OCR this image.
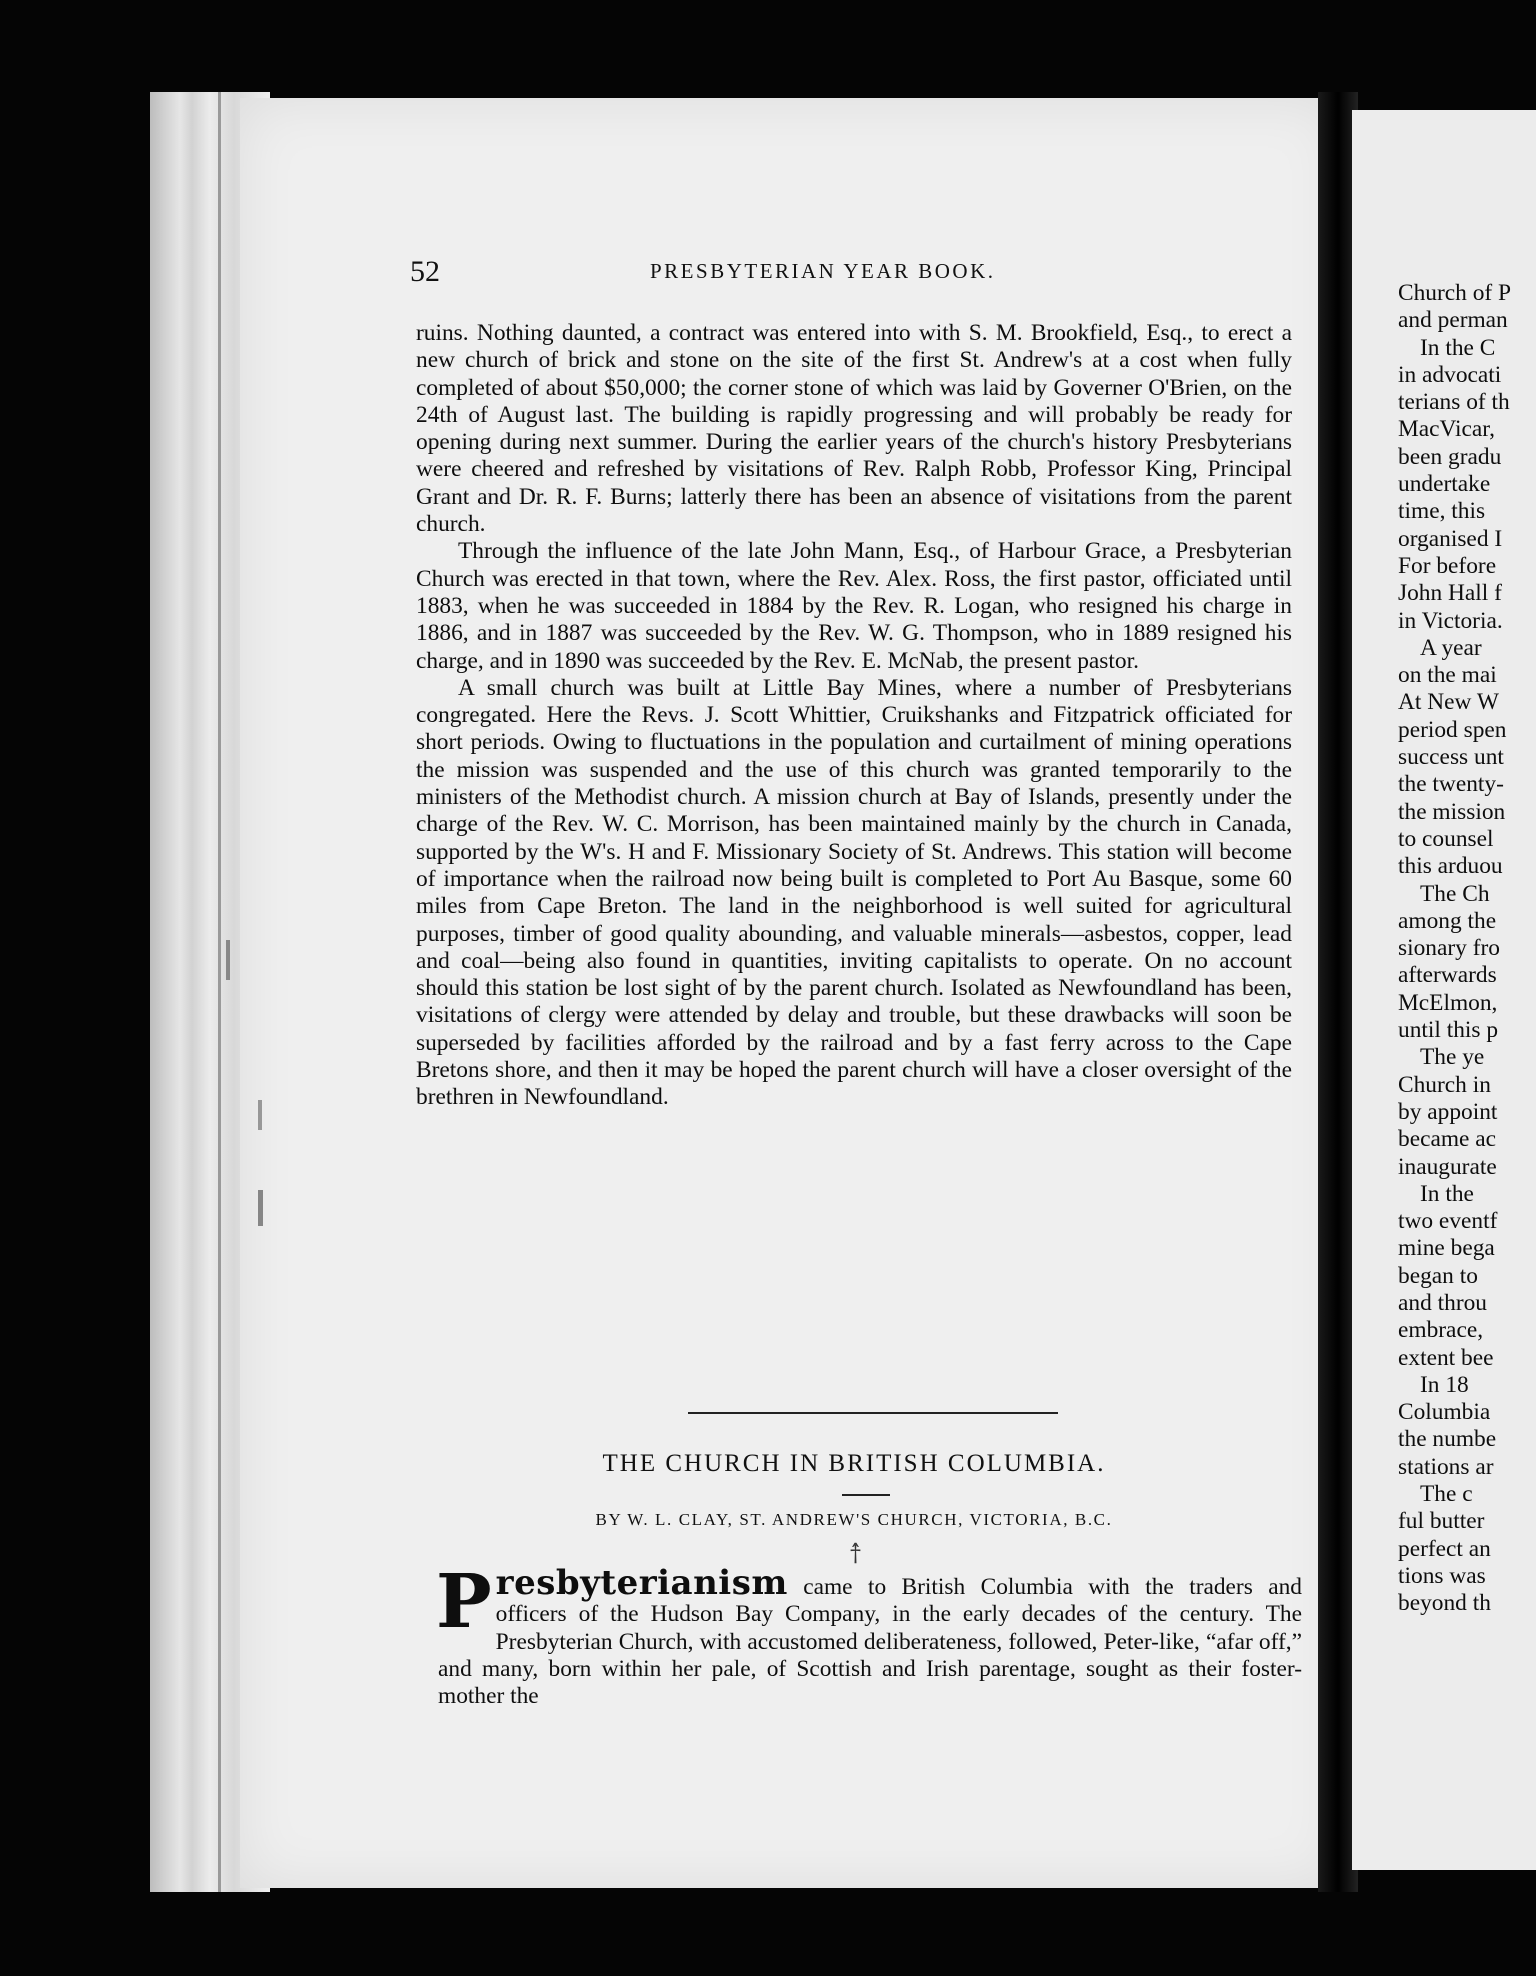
52	PRESBYTERIAN YEAR BOOK.

ruins. Nothing daunted, a contract was entered into with S. M. Brookfield, Esq., to erect a new church of brick and stone on the site of the first St. Andrew's at a cost when fully completed of about $50,000; the corner stone of which was laid by Governer O'Brien, on the 24th of August last. The building is rapidly progressing and will probably be ready for opening during next summer. During the earlier years of the church's history Presbyterians were cheered and refreshed by visitations of Rev. Ralph Robb, Professor King, Principal Grant and Dr. R. F. Burns; latterly there has been an absence of visitations from the parent church.

Through the influence of the late John Mann, Esq., of Harbour Grace, a Presbyterian Church was erected in that town, where the Rev. Alex. Ross, the first pastor, officiated until 1883, when he was succeeded in 1884 by the Rev. R. Logan, who resigned his charge in 1886, and in 1887 was succeeded by the Rev. W. G. Thompson, who in 1889 resigned his charge, and in 1890 was succeeded by the Rev. E. McNab, the present pastor.

A small church was built at Little Bay Mines, where a number of Presbyterians congregated. Here the Revs. J. Scott Whittier, Cruikshanks and Fitzpatrick officiated for short periods. Owing to fluctuations in the population and curtailment of mining operations the mission was suspended and the use of this church was granted temporarily to the ministers of the Methodist church. A mission church at Bay of Islands, presently under the charge of the Rev. W. C. Morrison, has been maintained mainly by the church in Canada, supported by the W's. H and F. Missionary Society of St. Andrews. This station will become of importance when the railroad now being built is completed to Port Au Basque, some 60 miles from Cape Breton. The land in the neighborhood is well suited for agricultural purposes, timber of good quality abounding, and valuable minerals—asbestos, copper, lead and coal—being also found in quantities, inviting capitalists to operate. On no account should this station be lost sight of by the parent church. Isolated as Newfoundland has been, visitations of clergy were attended by delay and trouble, but these drawbacks will soon be superseded by facilities afforded by the railroad and by a fast ferry across to the Cape Bretons shore, and then it may be hoped the parent church will have a closer oversight of the brethren in Newfoundland.

THE CHURCH IN BRITISH COLUMBIA.
BY W. L. CLAY, ST. ANDREW'S CHURCH, VICTORIA, B.C.
†̂
Presbyterianism came to British Columbia with the traders and officers of the Hudson Bay Company, in the early decades of the century. The Presbyterian Church, with accustomed deliberateness, followed, Peter-like, “afar off,” and many, born within her pale, of Scottish and Irish parentage, sought as their foster-mother the
Church of P
and perman
In the C
in advocati
terians of th
MacVicar,
been gradu
undertake
time, this
organised I
For before
John Hall f
in Victoria.
A year
on the mai
At New W
period spen
success unt
the twenty-
the mission
to counsel
this arduou
The Ch
among the
sionary fro
afterwards
McElmon,
until this p
The ye
Church in
by appoint
became ac
inaugurate
In the
two eventf
mine bega
began to
and throu
embrace,
extent bee
In 18
Columbia
the numbe
stations ar
The c
ful butter
perfect an
tions was
beyond th
